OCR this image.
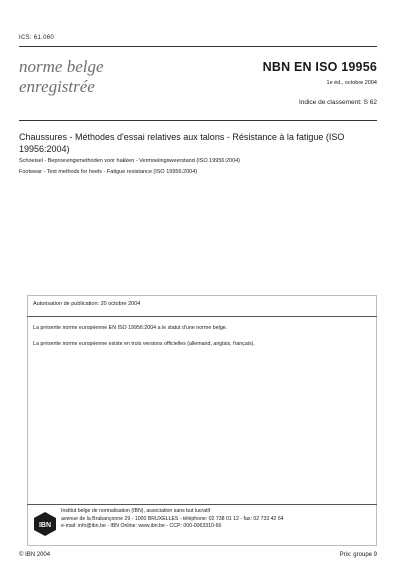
ICS: 61.060
norme belge
enregistrée
NBN EN ISO 19956
1e éd., octobre 2004
Indice de classement: S 62
Chaussures - Méthodes d'essai relatives aux talons - Résistance à la fatigue (ISO 19956:2004)
Schoeisel - Beproevingsmethoden voor hakken - Vermoeiingsweerstand (ISO 19956:2004)
Footwear - Test methods for heels - Fatigue resistance (ISO 19956:2004)
Autorisation de publication: 20 octobre 2004
La présente norme européenne EN ISO 19956:2004 a le statut d'une norme belge.
La présente norme européenne existe en trois versions officielles (allemand, anglais, français).
IBN
Institut belge de normalisation (IBN), association sans but lucratif
avenue de la Brabançonne 29 - 1000 BRUXELLES - téléphone: 02 738 01 12 - fax: 02 733 42 64
e-mail: info@ibn.be - IBN Online: www.ibn.be - CCP: 000-0063310-66
© IBN 2004	Prix: groupe 9
